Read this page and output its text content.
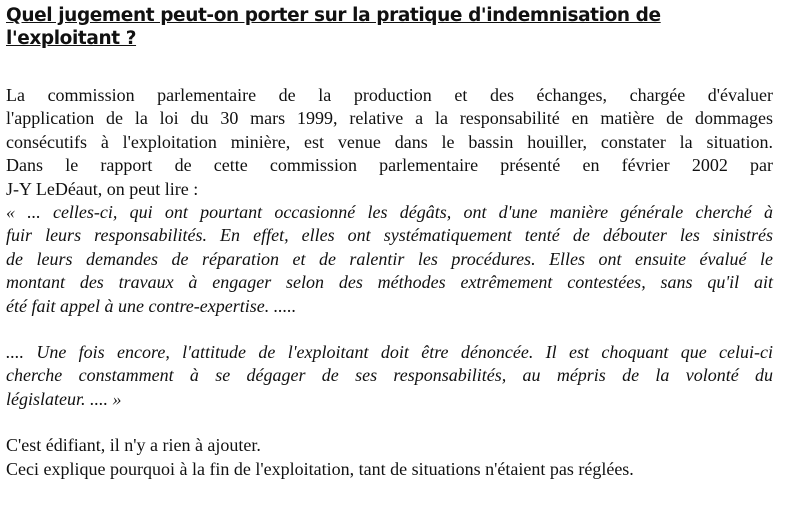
Quel jugement peut-on porter sur la pratique d'indemnisation de
l'exploitant ?
La commission parlementaire de la production et des échanges, chargée d'évaluer
l'application de la loi du 30 mars 1999, relative a la responsabilité en matière de dommages
consécutifs à l'exploitation minière, est venue dans le bassin houiller, constater la situation.
Dans le rapport de cette commission parlementaire présenté en février 2002 par
J-Y LeDéaut, on peut lire :
« ... celles-ci, qui ont pourtant occasionné les dégâts, ont d'une manière générale cherché à
fuir leurs responsabilités. En effet, elles ont systématiquement tenté de débouter les sinistrés
de leurs demandes de réparation et de ralentir les procédures. Elles ont ensuite évalué le
montant des travaux à engager selon des méthodes extrêmement contestées, sans qu'il ait
été fait appel à une contre-expertise. .....
.... Une fois encore, l'attitude de l'exploitant doit être dénoncée. Il est choquant que celui-ci
cherche constamment à se dégager de ses responsabilités, au mépris de la volonté du
législateur. .... »
C'est édifiant, il n'y a rien à ajouter.
Ceci explique pourquoi à la fin de l'exploitation, tant de situations n'étaient pas réglées.
